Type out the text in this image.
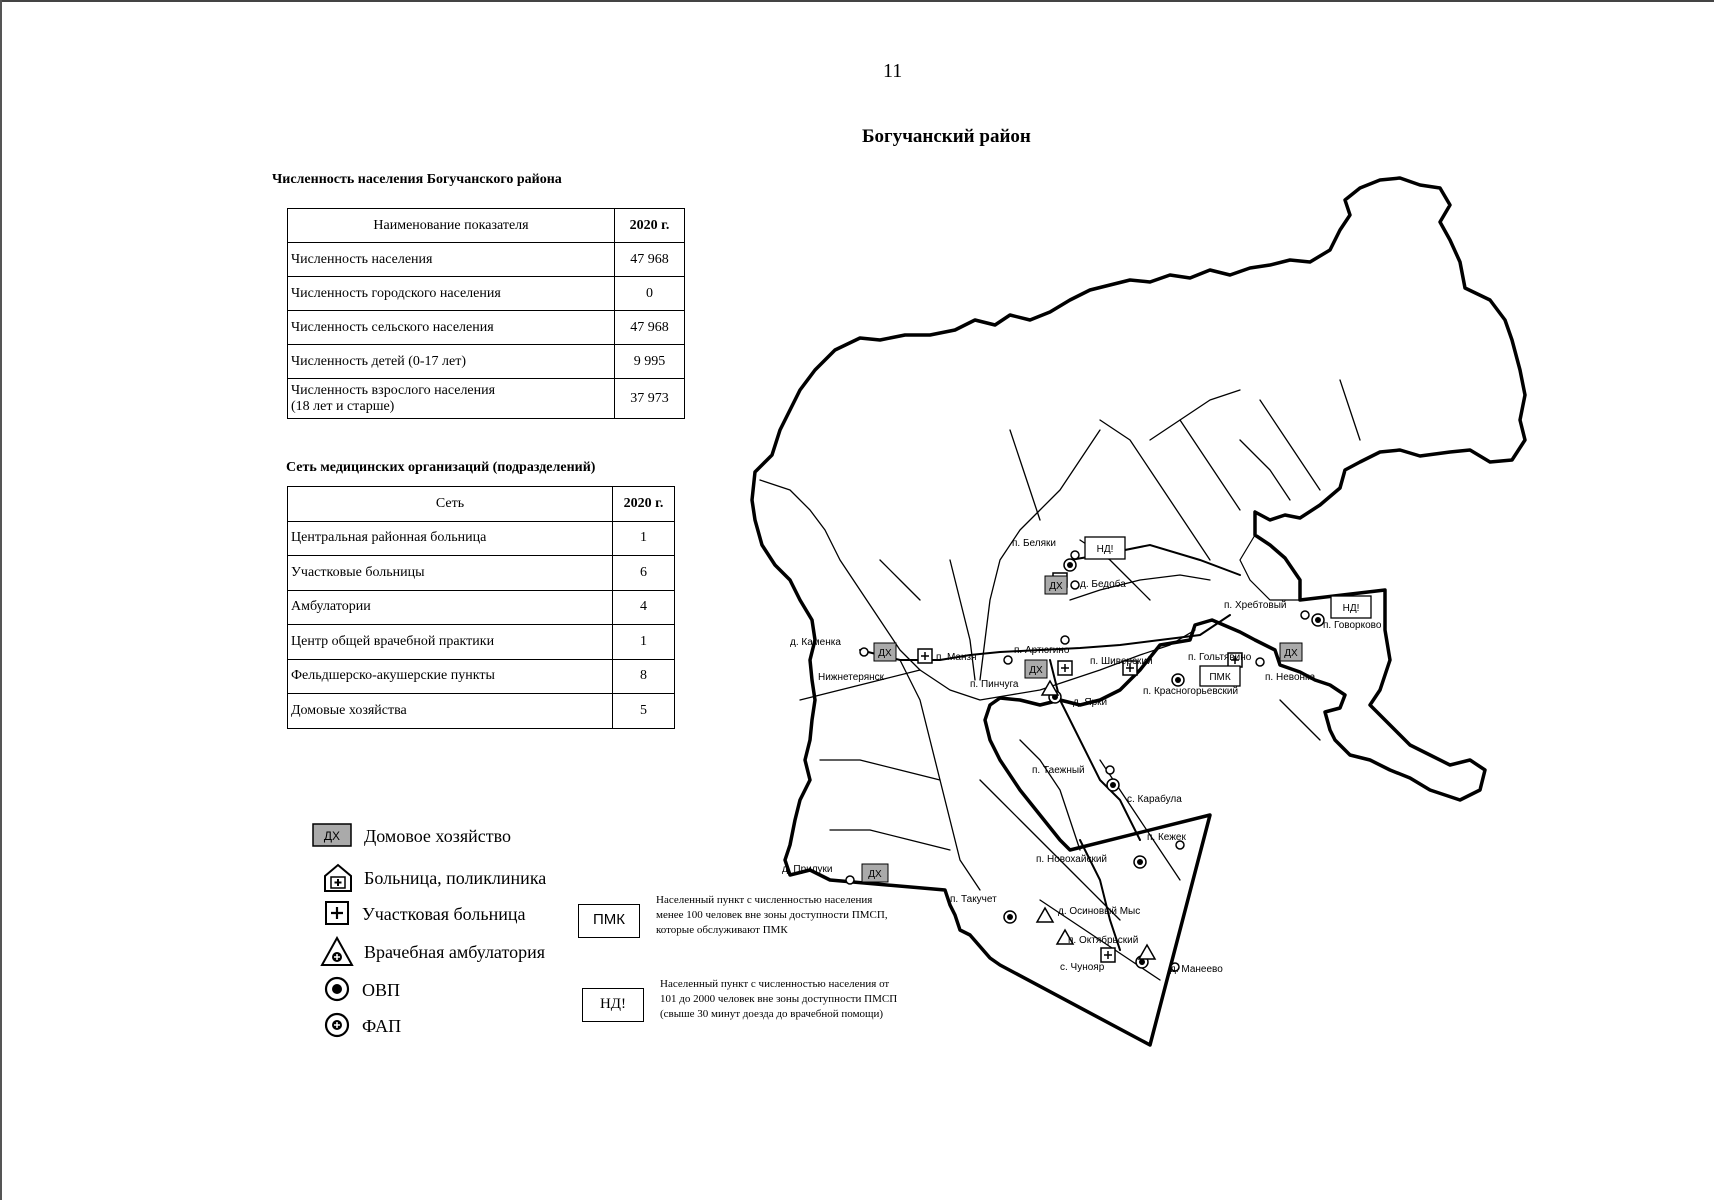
11
Богучанский район
Численность населения Богучанского района
Наименование показателя	2020 г.
Численность населения	47 968
Численность городского населения	0
Численность сельского населения	47 968
Численность детей (0-17 лет)	9 995
Численность взрослого населения
(18 лет и старше)	37 973
Сеть медицинских организаций (подразделений)
Сеть	2020 г.
Центральная районная больница	1
Участковые больницы	6
Амбулатории	4
Центр общей врачебной практики	1
Фельдшерско-акушерские пункты	8
Домовые хозяйства	5
ДХ Домовое хозяйство
Больница, поликлиника
Участковая больница
Врачебная амбулатория
ОВП
ФАП
ПМК
Населенный пункт с численностью населения менее 100 человек вне зоны доступности ПМСП, которые обслуживают ПМК
НД!
Населенный пункт с численностью населения от 101 до 2000 человек вне зоны доступности ПМСП (свыше 30 минут доезда до врачебной помощи)
НД!
ДХ
НД!
ДХ
ДХ
ДХ
ПМК
ДХ
п. Беляки
д. Бедоба
п. Хребтовый
п. Говорково
д. Каменка
Нижнетерянск
п. Манзя
п. Артюгино
п. Шиверский	п. Гольтявино
п. Невонка
п. Пинчуга
д. Ярки
п. Красногорьевский
п. Таежный
с. Карабула
п. Кежек
п. Новохайский
д. Прилуки
п. Такучет
д. Осиновый Мыс
п. Октябрьский
с. Чунояр	д. Манеево
